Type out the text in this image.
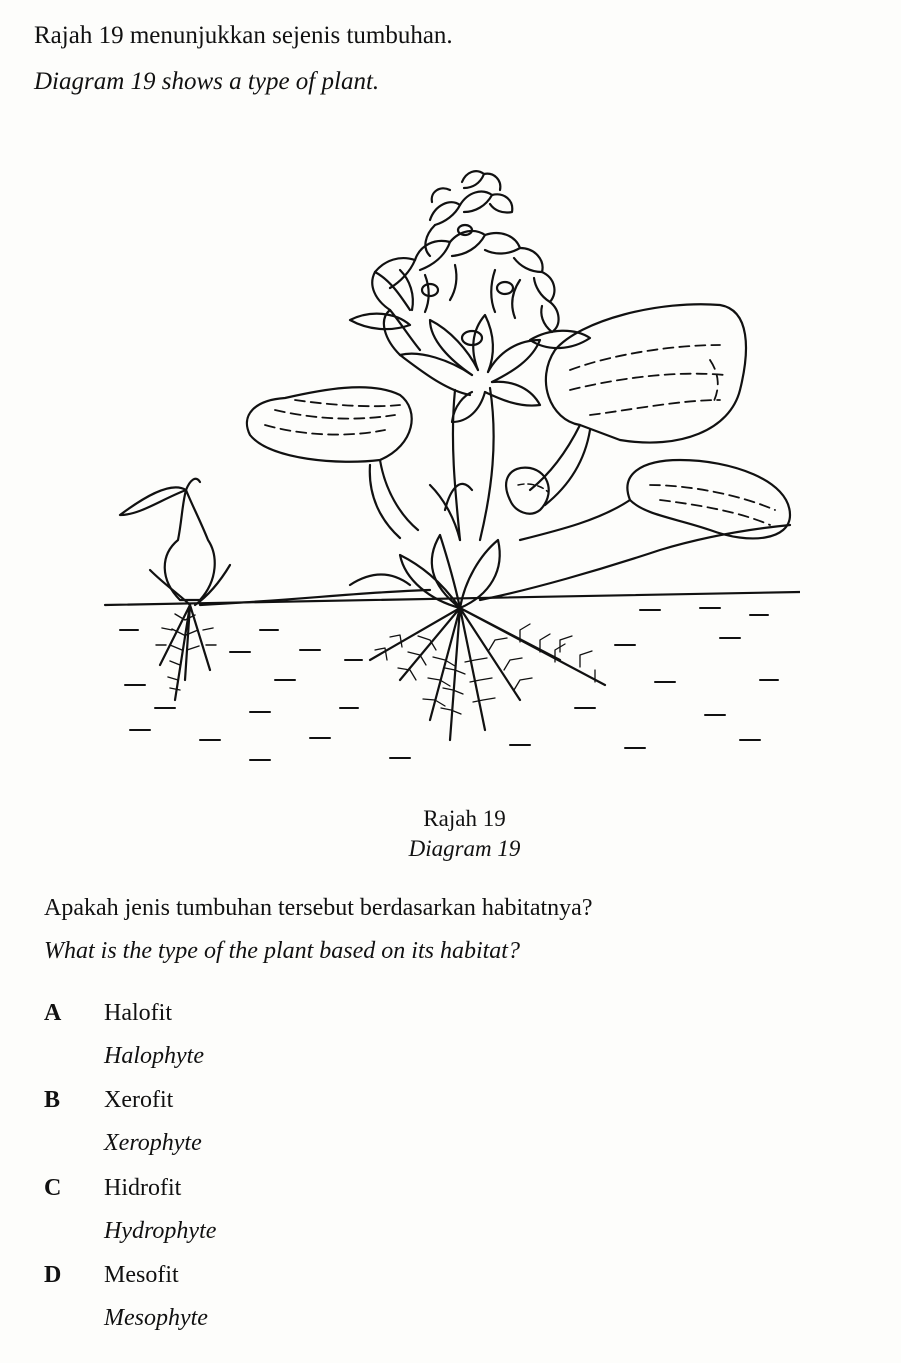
Rajah 19 menunjukkan sejenis tumbuhan.
Diagram 19 shows a type of plant.
Rajah 19
Diagram 19
Apakah jenis tumbuhan tersebut berdasarkan habitatnya?
What is the type of the plant based on its habitat?
A Halofit
Halophyte
B Xerofit
Xerophyte
C Hidrofit
Hydrophyte
D Mesofit
Mesophyte
